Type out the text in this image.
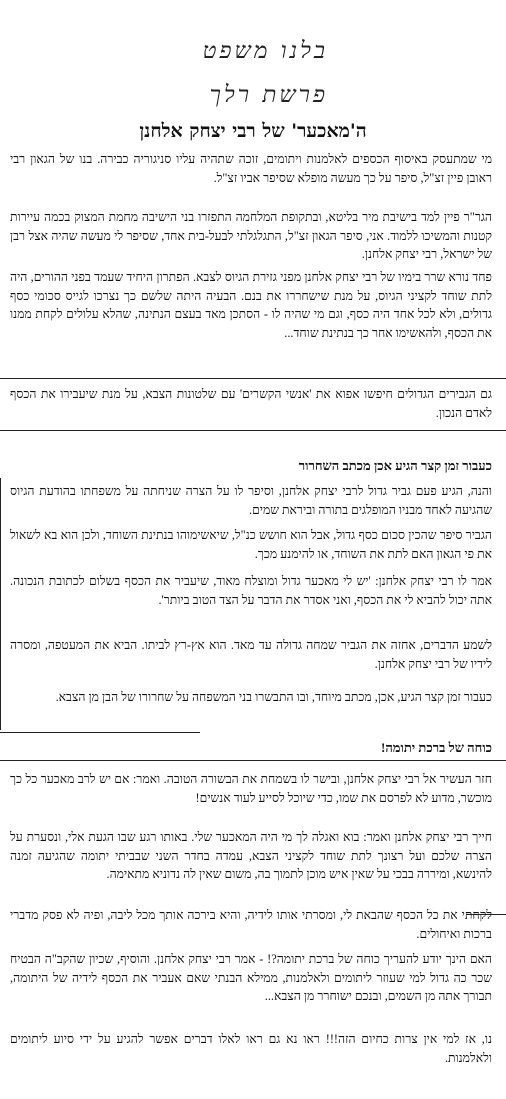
בלנו משפט
פרשת רלך
ה'מאכער' של רבי יצחק אלחנן
מי שמתעסק באיסוף הכספים לאלמנות ויתומים, זוכה שתהיה עליו סניגוריה כבירה. בנו של הגאון רבי ראובן פיין זצ"ל, סיפר על כך מעשה מופלא שסיפר אביו זצ"ל.
הגר"ר פיין למד בישיבת מיר בליטא, ובתקופת המלחמה התפזרו בני הישיבה מחמת המצוק בכמה עיירות קטנות והמשיכו ללמוד. אני, סיפר הגאון זצ"ל, התגלגלתי לבעל-בית אחד, שסיפר לי מעשה שהיה אצל רבן של ישראל, רבי יצחק אלחנן.
פחד נורא שרר בימיו של רבי יצחק אלחנן מפני גזירת הגיוס לצבא. הפתרון היחיד שעמד בפני ההורים, היה לתת שוחד לקציני הגיוס, על מנת שישחררו את בנם. הבעיה היתה שלשם כך נצרכו לגייס סכומי כסף גדולים, ולא לכל אחד היה כסף, וגם מי שהיה לו - הסתכן מאד בעצם הנתינה, שהלא עלולים לקחת ממנו את הכסף, ולהאשימו אחר כך בנתינת שוחד...
גם הגבירים הגדולים חיפשו אפוא את 'אנשי הקשרים' עם שלטונות הצבא, על מנת שיעבירו את הכסף לאדם הנכון.
כעבור זמן קצר הגיע אכן מכתב השחרור
והנה, הגיע פעם גביר גדול לרבי יצחק אלחנן, וסיפר לו על הצרה שניחתה על משפחתו בהודעת הגיוס שהגיעה לאחד מבניו המופלגים בתורה וביראת שמים.
הגביר סיפר שהכין סכום כסף גדול, אבל הוא חושש כנ"ל, שיאשימוהו בנתינת השוחד, ולכן הוא בא לשאול את פי הגאון האם לתת את השוחד, או להימנע מכך.
אמר לו רבי יצחק אלחנן: 'יש לי מאכער גדול ומוצלח מאוד, שיעביר את הכסף בשלום לכתובת הנכונה. אתה יכול להביא לי את הכסף, ואני אסדר את הדבר על הצד הטוב ביותר'.
לשמע הדברים, אחזה את הגביר שמחה גדולה עד מאד. הוא אץ-רץ לביתו. הביא את המעטפה, ומסרה לידיו של רבי יצחק אלחנן.
כעבור זמן קצר הגיע, אכן, מכתב מיוחד, ובו התבשרו בני המשפחה על שחרורו של הבן מן הצבא.
כוחה של ברכת יתומה!
חזר העשיר אל רבי יצחק אלחנן, ובישר לו בשמחת את הבשורה הטובה. ואמר: אם יש לרב מאכער כל כך מוכשר, מדוע לא לפרסם את שמו, כדי שיוכל לסייע לעוד אנשים!
חייך רבי יצחק אלחנן ואמר: בוא ואגלה לך מי היה המאכער שלי. באותו רגע שבו הגעת אלי, ונסערת על הצרה שלכם ועל רצונך לתת שוחד לקציני הצבא, עמדה בחדר השני שבביתי יתומה שהגיעה זמנה להינשא, ומיררה בבכי על שאין איש מוכן לתמוך בה, משום שאין לה נדוניא מתאימה.
לקחתי את כל הכסף שהבאת לי, ומסרתי אותו לידיה, והיא בירכה אותך מכל ליבה, ופיה לא פסק מדברי ברכות ואיחולים.
האם הינך יודע להעריך כוחה של ברכת יתומה?! - אמר רבי יצחק אלחנן. והוסיף, שכיון שהקב"ה הבטיח שכר כה גדול למי שעוזר ליתומים ולאלמנות, ממילא הבנתי שאם אעביר את הכסף לידיה של היתומה, תבורך אתה מן השמים, ובנכם ישוחרר מן הצבא...
נו, אז למי אין צרות כחיום הזה!!! ראו נא גם ראו לאלו דברים אפשר להגיע על ידי סיוע ליתומים ולאלמנות.
